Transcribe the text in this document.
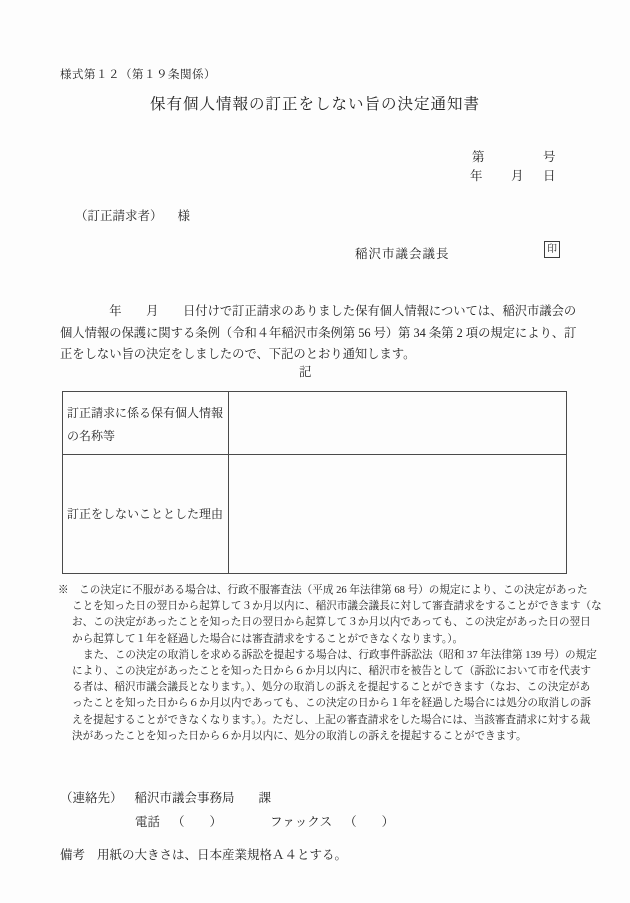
様式第１２（第１９条関係）
保有個人情報の訂正をしない旨の決定通知書
第	号
年 月 日
（訂正請求者） 様
稲沢市議会議長	印
　　　　年　　月　　日付けで訂正請求のありました保有個人情報については、稲沢市議会の
個人情報の保護に関する条例（令和４年稲沢市条例第 56 号）第 34 条第 2 項の規定により、訂
正をしない旨の決定をしましたので、下記のとおり通知します。
記
訂正請求に係る保有個人情報の名称等	
訂正をしないこととした理由	
※　この決定に不服がある場合は、行政不服審査法（平成 26 年法律第 68 号）の規定により、この決定があった
ことを知った日の翌日から起算して３か月以内に、稲沢市議会議長に対して審査請求をすることができます（な
お、この決定があったことを知った日の翌日から起算して３か月以内であっても、この決定があった日の翌日
から起算して１年を経過した場合には審査請求をすることができなくなります。）。
また、この決定の取消しを求める訴訟を提起する場合は、行政事件訴訟法（昭和 37 年法律第 139 号）の規定
により、この決定があったことを知った日から６か月以内に、稲沢市を被告として（訴訟において市を代表す
る者は、稲沢市議会議長となります。）、処分の取消しの訴えを提起することができます（なお、この決定があ
ったことを知った日から６か月以内であっても、この決定の日から１年を経過した場合には処分の取消しの訴
えを提起することができなくなります。）。ただし、上記の審査請求をした場合には、当該審査請求に対する裁
決があったことを知った日から６か月以内に、処分の取消しの訴えを提起することができます。
（連絡先） 稲沢市議会事務局 課
電話 （　　）	ファックス （　　）
備考 用紙の大きさは、日本産業規格Ａ４とする。
